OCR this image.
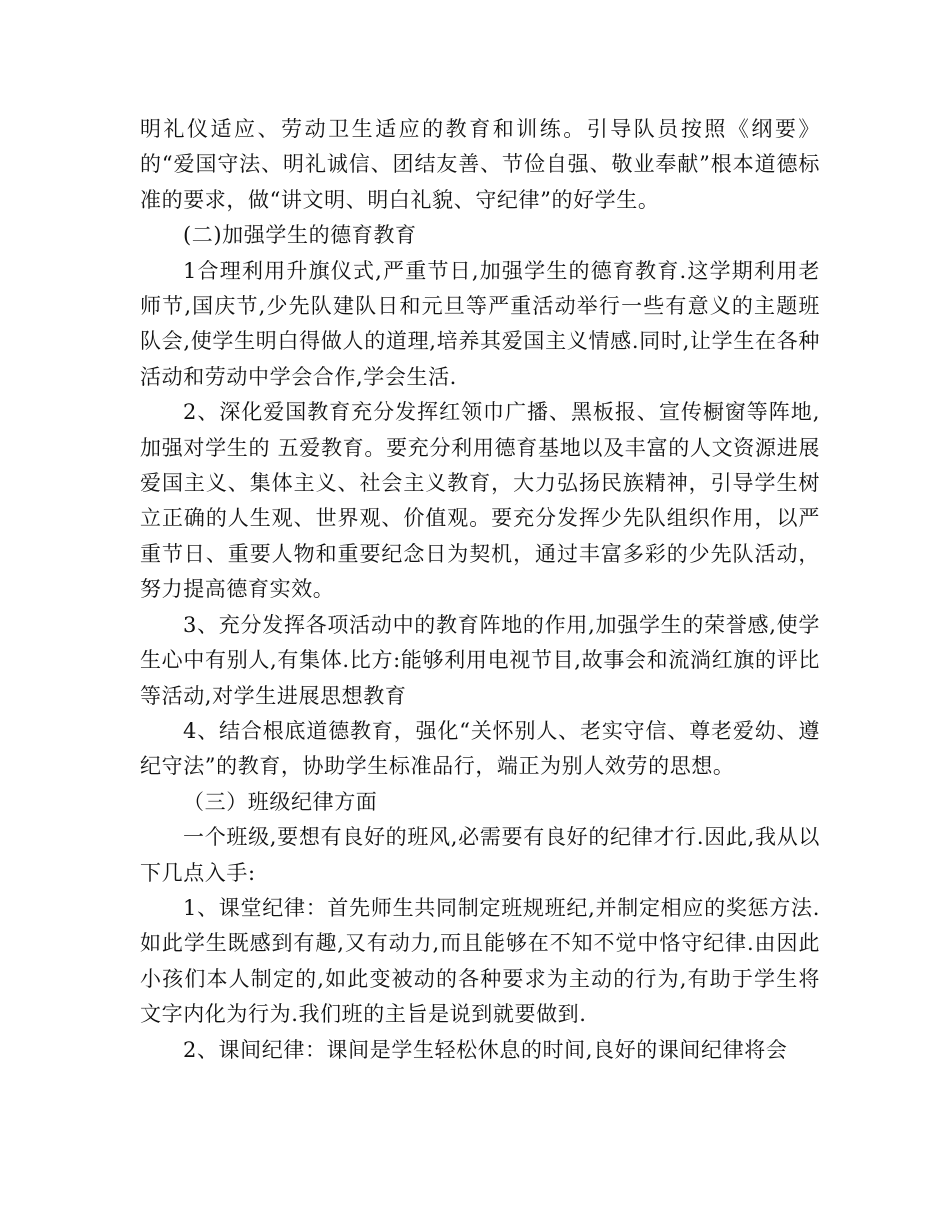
明礼仪适应、劳动卫生适应的教育和训练。引导队员按照《纲要》的“爱国守法、明礼诚信、团结友善、节俭自强、敬业奉献”根本道德标准的要求，做“讲文明、明白礼貌、守纪律”的好学生。

(二)加强学生的德育教育

1合理利用升旗仪式,严重节日,加强学生的德育教育.这学期利用老师节,国庆节,少先队建队日和元旦等严重活动举行一些有意义的主题班队会,使学生明白得做人的道理,培养其爱国主义情感.同时,让学生在各种活动和劳动中学会合作,学会生活.

2、深化爱国教育充分发挥红领巾广播、黑板报、宣传橱窗等阵地,加强对学生的 五爱教育。要充分利用德育基地以及丰富的人文资源进展爱国主义、集体主义、社会主义教育，大力弘扬民族精神，引导学生树立正确的人生观、世界观、价值观。要充分发挥少先队组织作用，以严重节日、重要人物和重要纪念日为契机，通过丰富多彩的少先队活动，努力提高德育实效。

3、充分发挥各项活动中的教育阵地的作用,加强学生的荣誉感,使学生心中有别人,有集体.比方:能够利用电视节目,故事会和流淌红旗的评比等活动,对学生进展思想教育

4、结合根底道德教育，强化“关怀别人、老实守信、尊老爱幼、遵纪守法”的教育，协助学生标准品行，端正为别人效劳的思想。

（三）班级纪律方面

一个班级,要想有良好的班风,必需要有良好的纪律才行.因此,我从以下几点入手:

1、课堂纪律：首先师生共同制定班规班纪,并制定相应的奖惩方法.如此学生既感到有趣,又有动力,而且能够在不知不觉中恪守纪律.由因此小孩们本人制定的,如此变被动的各种要求为主动的行为,有助于学生将文字内化为行为.我们班的主旨是说到就要做到.

2、课间纪律：课间是学生轻松休息的时间,良好的课间纪律将会
